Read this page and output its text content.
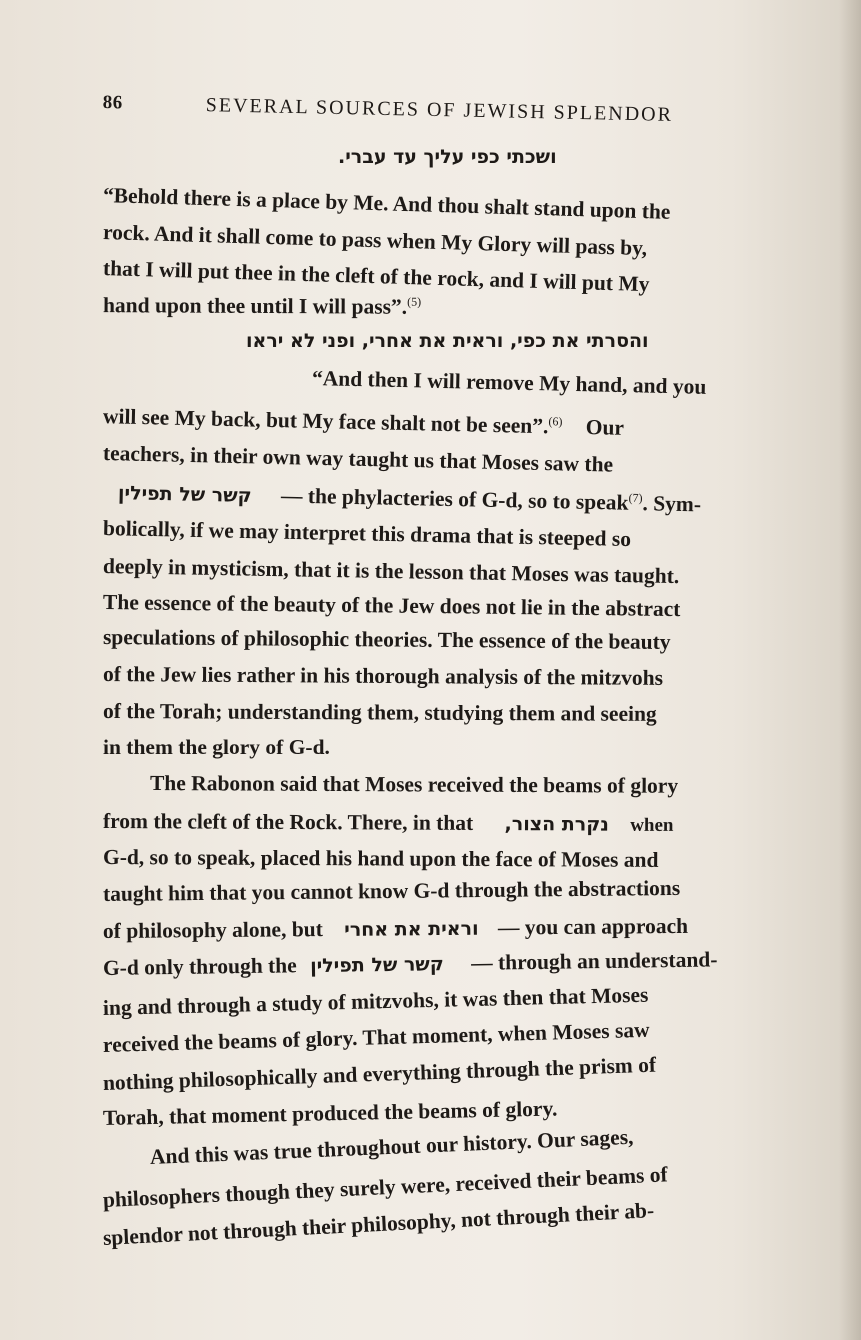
86	SEVERAL SOURCES OF JEWISH SPLENDOR
ושכתי כפי עליך עד עברי.
“Behold there is a place by Me. And thou shalt stand upon the
rock. And it shall come to pass when My Glory will pass by,
that I will put thee in the cleft of the rock, and I will put My
hand upon thee until I will pass”.$^{(5)}$
והסרתי את כפי, וראית את אחרי, ופני לא יראו
“And then I will remove My hand, and you
will see My back, but My face shalt not be seen”.$^{(6)}$ Our
teachers, in their own way taught us that Moses saw the
קשר של תפילין — the phylacteries of G-d, so to speak$^{(7)}$. Sym-
bolically, if we may interpret this drama that is steeped so
deeply in mysticism, that it is the lesson that Moses was taught.
The essence of the beauty of the Jew does not lie in the abstract
speculations of philosophic theories. The essence of the beauty
of the Jew lies rather in his thorough analysis of the mitzvohs
of the Torah; understanding them, studying them and seeing
in them the glory of G-d.
The Rabonon said that Moses received the beams of glory
from the cleft of the Rock. There, in that נקרת הצור, when
G-d, so to speak, placed his hand upon the face of Moses and
taught him that you cannot know G-d through the abstractions
of philosophy alone, but וראית את אחרי — you can approach
G-d only through the קשר של תפילין — through an understand-
ing and through a study of mitzvohs, it was then that Moses
received the beams of glory. That moment, when Moses saw
nothing philosophically and everything through the prism of
Torah, that moment produced the beams of glory.
And this was true throughout our history. Our sages,
philosophers though they surely were, received their beams of
splendor not through their philosophy, not through their ab-
